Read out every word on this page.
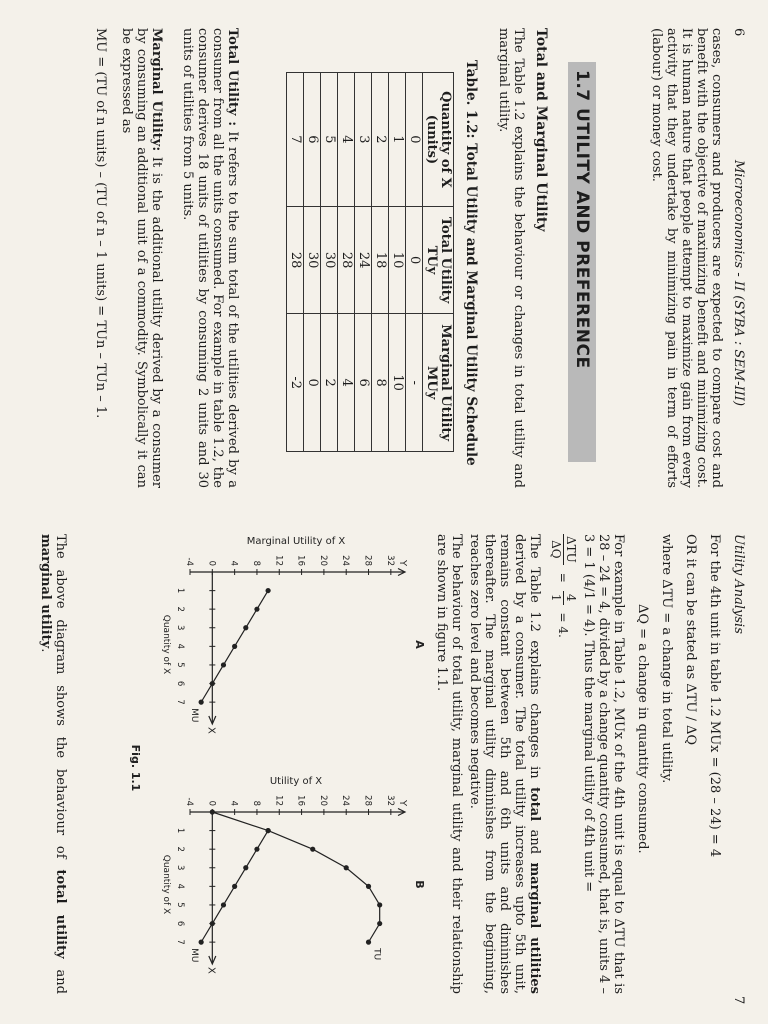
6
Microeconomics - II (SYBA : SEM-III)

cases, consumers and producers are expected to compare cost and benefit with the objective of maximizing benefit and minimizing cost. It is human nature that people attempt to maximize gain from every activity that they undertake by minimizing pain in term of efforts (labour) or money cost.

1.7 UTILITY AND PREFERENCE

Total and Marginal Utility

The Table 1.2 explains the behaviour or changes in total utility and marginal utility.

Table. 1.2: Total Utility and Marginal Utility Schedule

Quantity of X (units)	Total Utility TUy	Marginal Utility MUy
0	0	-
1	10	10
2	18	8
3	24	6
4	28	4
5	30	2
6	30	0
7	28	-2

Total Utility : It refers to the sum total of the utilities derived by a consumer from all the units consumed. For example in table 1.2, the consumer derives 18 units of utilities by consuming 2 units and 30 units of utilities from 5 units.

Marginal Utility: It is the additional utility derived by a consumer by consuming an additional unit of a commodity. Symbolically it can be expressed as

MU = (TU of n units) – (TU of n – 1 units) = TUn – TUn – 1.

Utility Analysis
7

For the 4th unit in table 1.2 MUx = (28 – 24) = 4

OR it can be stated as ΔTU / ΔQ

where ΔTU = a change in total utility.

ΔQ = a change in quantity consumed.

For example in Table 1.2, MUx of the 4th unit is equal to ΔTU that is 28 – 24 = 4, divided by a change quantity consumed, that is, units 4 – 3 = 1 (4/1 = 4). Thus the marginal utility of 4th unit =

ΔTU
ΔQ
=
4
1
= 4.

The Table 1.2 explains changes in total and marginal utilities derived by a consumer. The total utility increases upto 5th unit, remains constant between 5th and 6th units and diminishes thereafter. The marginal utility diminishes from the beginning, reaches zero level and becomes negative.

The behaviour of total utility, marginal utility and their relationship are shown in figure 1.1.

A
Y
X
-4 0 4 8 12 16 20 24 28 32
1
2
3
4
5
6
7
Quantity of X
Marginal Utility of X
MU
B
Y
X
-4 0 4 8 12 16 20 24 28 32
1
2
3
4
5
6
7
Quantity of X
Utility of X
TU
MU
Fig. 1.1

The above diagram shows the behaviour of total utility and marginal utility.
